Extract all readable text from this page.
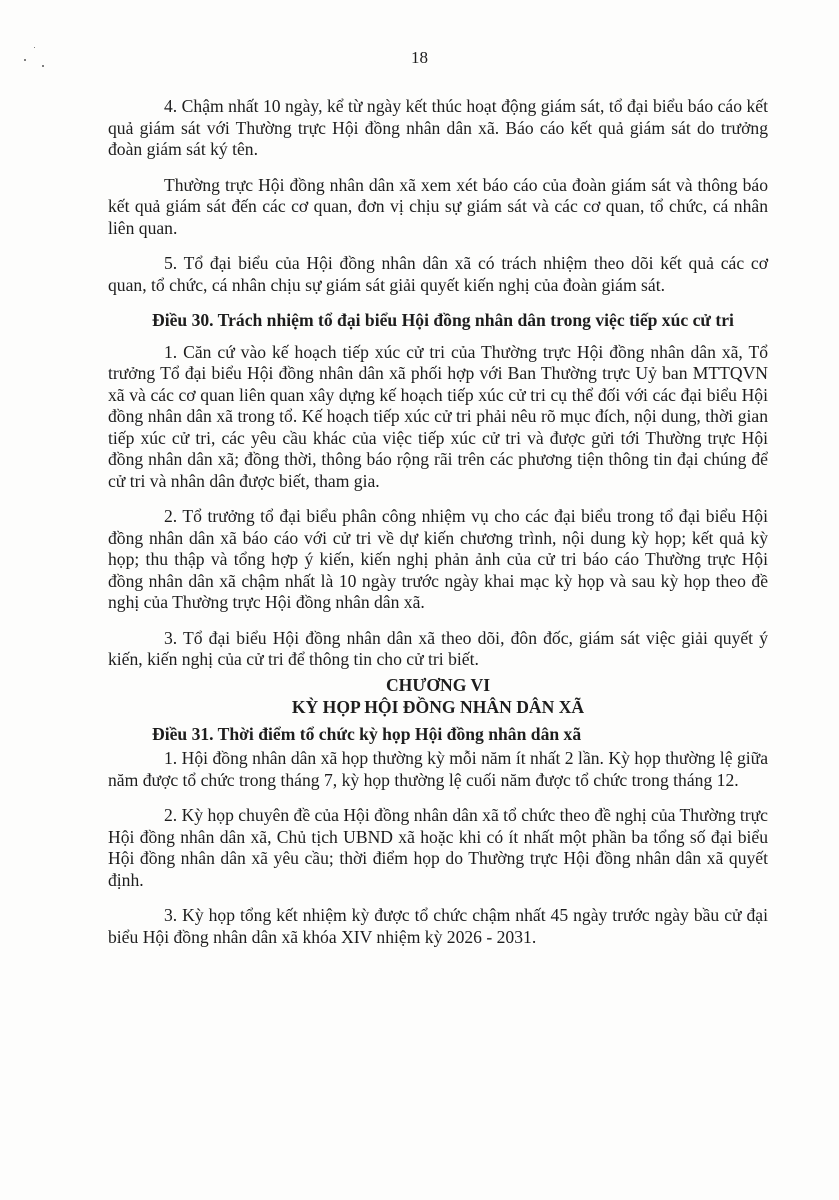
18

4. Chậm nhất 10 ngày, kể từ ngày kết thúc hoạt động giám sát, tổ đại biểu báo cáo kết quả giám sát với Thường trực Hội đồng nhân dân xã. Báo cáo kết quả giám sát do trưởng đoàn giám sát ký tên.

Thường trực Hội đồng nhân dân xã xem xét báo cáo của đoàn giám sát và thông báo kết quả giám sát đến các cơ quan, đơn vị chịu sự giám sát và các cơ quan, tổ chức, cá nhân liên quan.

5. Tổ đại biểu của Hội đồng nhân dân xã có trách nhiệm theo dõi kết quả các cơ quan, tổ chức, cá nhân chịu sự giám sát giải quyết kiến nghị của đoàn giám sát.

Điều 30. Trách nhiệm tổ đại biểu Hội đồng nhân dân trong việc tiếp xúc cử tri

1. Căn cứ vào kế hoạch tiếp xúc cử tri của Thường trực Hội đồng nhân dân xã, Tổ trưởng Tổ đại biểu Hội đồng nhân dân xã phối hợp với Ban Thường trực Uỷ ban MTTQVN xã và các cơ quan liên quan xây dựng kế hoạch tiếp xúc cử tri cụ thể đối với các đại biểu Hội đồng nhân dân xã trong tổ. Kế hoạch tiếp xúc cử tri phải nêu rõ mục đích, nội dung, thời gian tiếp xúc cử tri, các yêu cầu khác của việc tiếp xúc cử tri và được gửi tới Thường trực Hội đồng nhân dân xã; đồng thời, thông báo rộng rãi trên các phương tiện thông tin đại chúng để cử tri và nhân dân được biết, tham gia.

2. Tổ trưởng tổ đại biểu phân công nhiệm vụ cho các đại biểu trong tổ đại biểu Hội đồng nhân dân xã báo cáo với cử tri về dự kiến chương trình, nội dung kỳ họp; kết quả kỳ họp; thu thập và tổng hợp ý kiến, kiến nghị phản ảnh của cử tri báo cáo Thường trực Hội đồng nhân dân xã chậm nhất là 10 ngày trước ngày khai mạc kỳ họp và sau kỳ họp theo đề nghị của Thường trực Hội đồng nhân dân xã.

3. Tổ đại biểu Hội đồng nhân dân xã theo dõi, đôn đốc, giám sát việc giải quyết ý kiến, kiến nghị của cử tri để thông tin cho cử tri biết.

CHƯƠNG VI
KỲ HỌP HỘI ĐỒNG NHÂN DÂN XÃ
Điều 31. Thời điểm tổ chức kỳ họp Hội đồng nhân dân xã

1. Hội đồng nhân dân xã họp thường kỳ mỗi năm ít nhất 2 lần. Kỳ họp thường lệ giữa năm được tổ chức trong tháng 7, kỳ họp thường lệ cuối năm được tổ chức trong tháng 12.

2. Kỳ họp chuyên đề của Hội đồng nhân dân xã tổ chức theo đề nghị của Thường trực Hội đồng nhân dân xã, Chủ tịch UBND xã hoặc khi có ít nhất một phần ba tổng số đại biểu Hội đồng nhân dân xã yêu cầu; thời điểm họp do Thường trực Hội đồng nhân dân xã quyết định.

3. Kỳ họp tổng kết nhiệm kỳ được tổ chức chậm nhất 45 ngày trước ngày bầu cử đại biểu Hội đồng nhân dân xã khóa XIV nhiệm kỳ 2026 - 2031.
